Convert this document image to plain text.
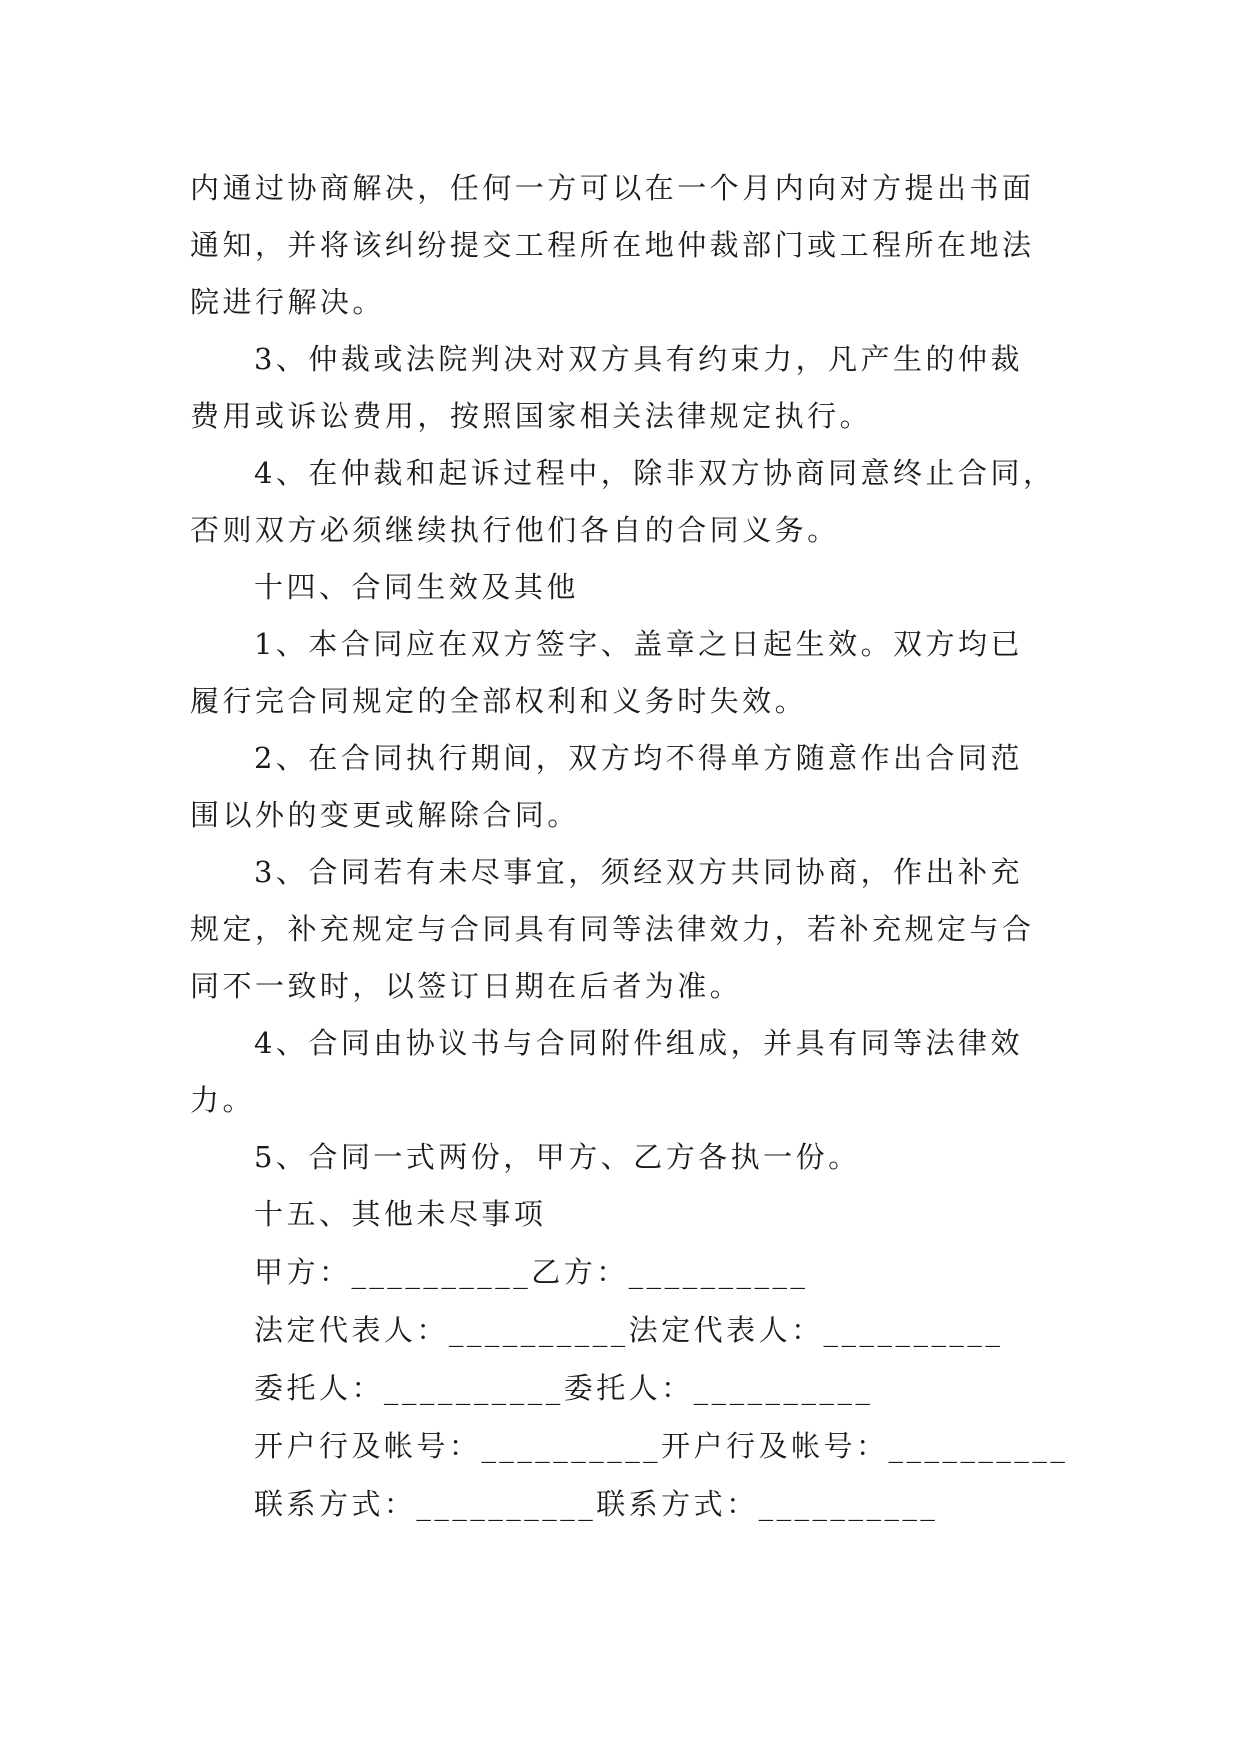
内通过协商解决，任何一方可以在一个月内向对方提出书面
通知，并将该纠纷提交工程所在地仲裁部门或工程所在地法
院进行解决。
3、仲裁或法院判决对双方具有约束力，凡产生的仲裁
费用或诉讼费用，按照国家相关法律规定执行。
4、在仲裁和起诉过程中，除非双方协商同意终止合同，
否则双方必须继续执行他们各自的合同义务。
十四、合同生效及其他
1、本合同应在双方签字、盖章之日起生效。双方均已
履行完合同规定的全部权利和义务时失效。
2、在合同执行期间，双方均不得单方随意作出合同范
围以外的变更或解除合同。
3、合同若有未尽事宜，须经双方共同协商，作出补充
规定，补充规定与合同具有同等法律效力，若补充规定与合
同不一致时，以签订日期在后者为准。
4、合同由协议书与合同附件组成，并具有同等法律效
力。
5、合同一式两份，甲方、乙方各执一份。
十五、其他未尽事项
甲方：__________乙方：__________
法定代表人：__________法定代表人：__________
委托人：__________委托人：__________
开户行及帐号：__________开户行及帐号：__________
联系方式：__________联系方式：__________
